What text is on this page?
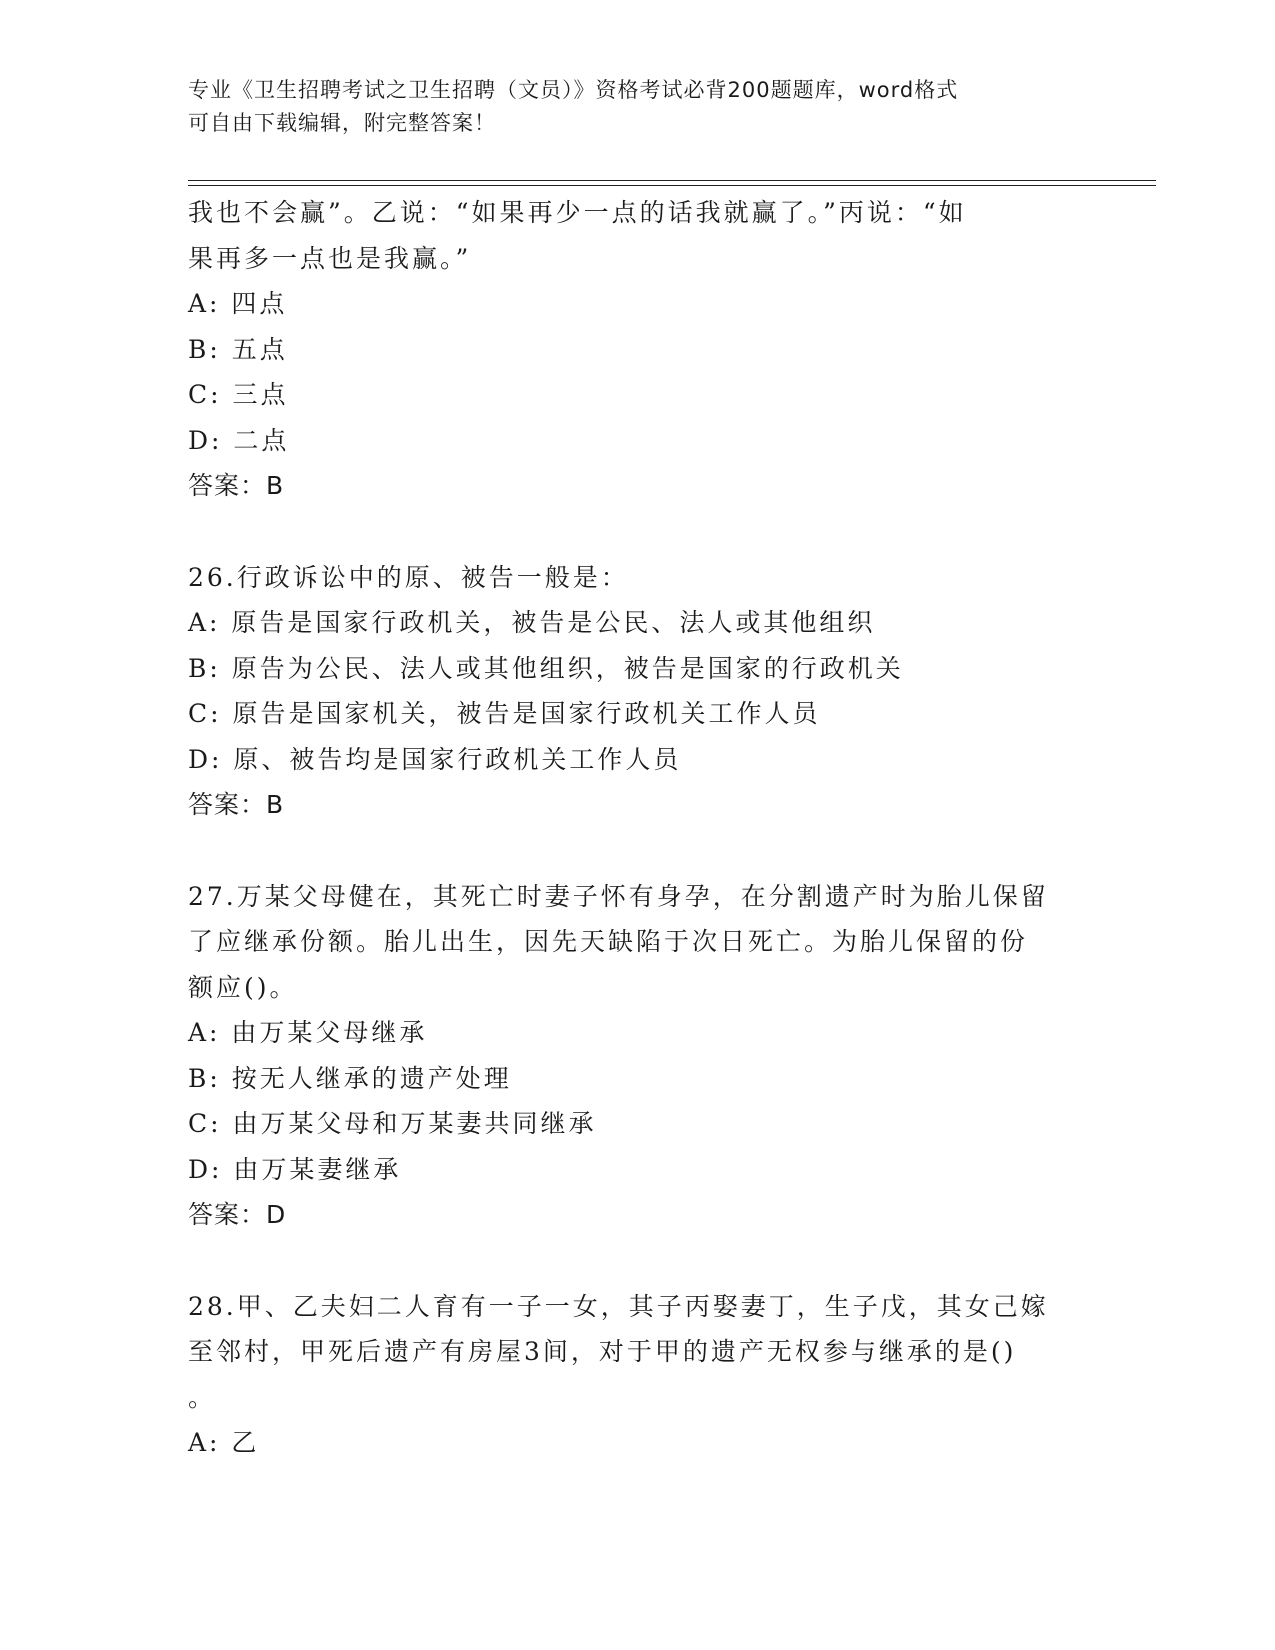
专业《卫生招聘考试之卫生招聘（文员）》资格考试必背200题题库，word格式
可自由下载编辑，附完整答案！
我也不会赢”。乙说：“如果再少一点的话我就赢了。”丙说：“如
果再多一点也是我赢。”
A: 四点
B: 五点
C: 三点
D: 二点
答案：B
26.行政诉讼中的原、被告一般是：
A: 原告是国家行政机关，被告是公民、法人或其他组织
B: 原告为公民、法人或其他组织，被告是国家的行政机关
C: 原告是国家机关，被告是国家行政机关工作人员
D: 原、被告均是国家行政机关工作人员
答案：B
27.万某父母健在，其死亡时妻子怀有身孕，在分割遗产时为胎儿保留
了应继承份额。胎儿出生，因先天缺陷于次日死亡。为胎儿保留的份
额应()。
A: 由万某父母继承
B: 按无人继承的遗产处理
C: 由万某父母和万某妻共同继承
D: 由万某妻继承
答案：D
28.甲、乙夫妇二人育有一子一女，其子丙娶妻丁，生子戊，其女己嫁
至邻村，甲死后遗产有房屋3间，对于甲的遗产无权参与继承的是()
。
A: 乙
